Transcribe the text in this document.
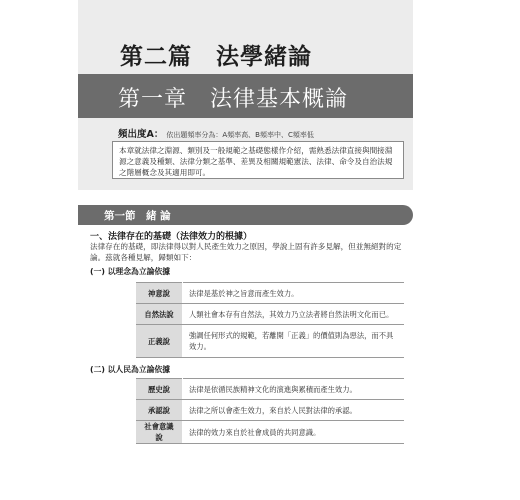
第二篇　法學緒論
第一章　法律基本概論
頻出度A： 依出題頻率分為：A頻率高、B頻率中、C頻率低
本章就法律之淵源、類別及一般規範之基礎態樣作介紹，需熟悉法律直接與間接淵源之意義及種類、法律分類之基準、差異及相關規範憲法、法律、命令及自治法規之階層概念及其適用即可。
第一節　緒 論
一、法律存在的基礎（法律效力的根據）
法律存在的基礎，即法律得以對人民產生效力之原因，學說上固有許多見解，但並無絕對的定論。茲就各種見解，歸類如下：
(一) 以理念為立論依據
神意說	法律是基於神之旨意而產生效力。
自然法說	人類社會本存有自然法，其效力乃立法者將自然法明文化而已。
正義說	強調任何形式的規範，若離開「正義」的價值則為惡法，而不具效力。
(二) 以人民為立論依據
歷史說	法律是依循民族精神文化的演進與累積而產生效力。
承認說	法律之所以會產生效力，來自於人民對法律的承認。
社會意識說	法律的效力來自於社會成員的共同意識。
